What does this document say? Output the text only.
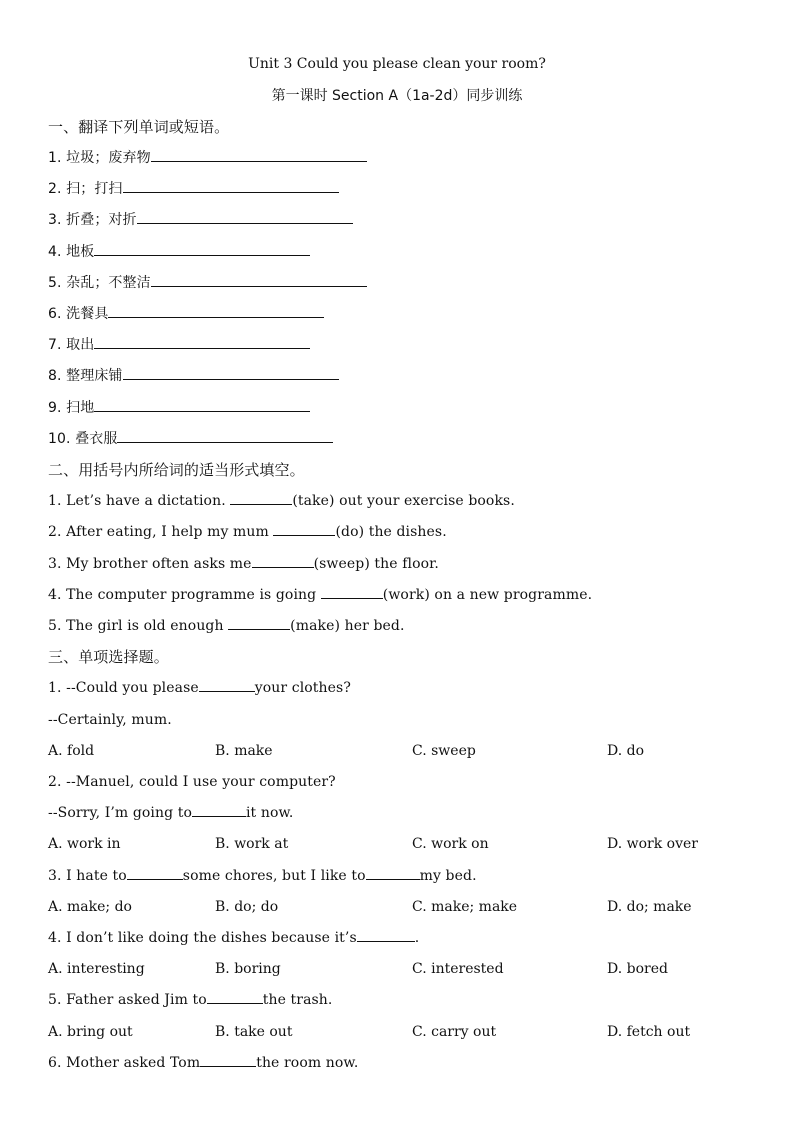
Unit 3 Could you please clean your room?
第一课时 Section A（1a-2d）同步训练
一、翻译下列单词或短语。
1. 垃圾；废弃物
2. 扫；打扫
3. 折叠；对折
4. 地板
5. 杂乱；不整洁
6. 洗餐具
7. 取出
8. 整理床铺
9. 扫地
10. 叠衣服
二、用括号内所给词的适当形式填空。
1. Let’s have a dictation.	(take) out your exercise books.
2. After eating, I help my mum	(do) the dishes.
3. My brother often asks me	(sweep) the floor.
4. The computer programme is going	(work) on a new programme.
5. The girl is old enough	(make) her bed.
三、单项选择题。
1. --Could you please	your clothes?
--Certainly, mum.
A. fold	B. make	C. sweep	D. do
2. --Manuel, could I use your computer?
--Sorry, I’m going to	it now.
A. work in	B. work at	C. work on	D. work over
3. I hate to	some chores, but I like to	my bed.
A. make; do	B. do; do	C. make; make	D. do; make
4. I don’t like doing the dishes because it’s	.
A. interesting	B. boring	C. interested	D. bored
5. Father asked Jim to	the trash.
A. bring out	B. take out	C. carry out	D. fetch out
6. Mother asked Tom	the room now.
